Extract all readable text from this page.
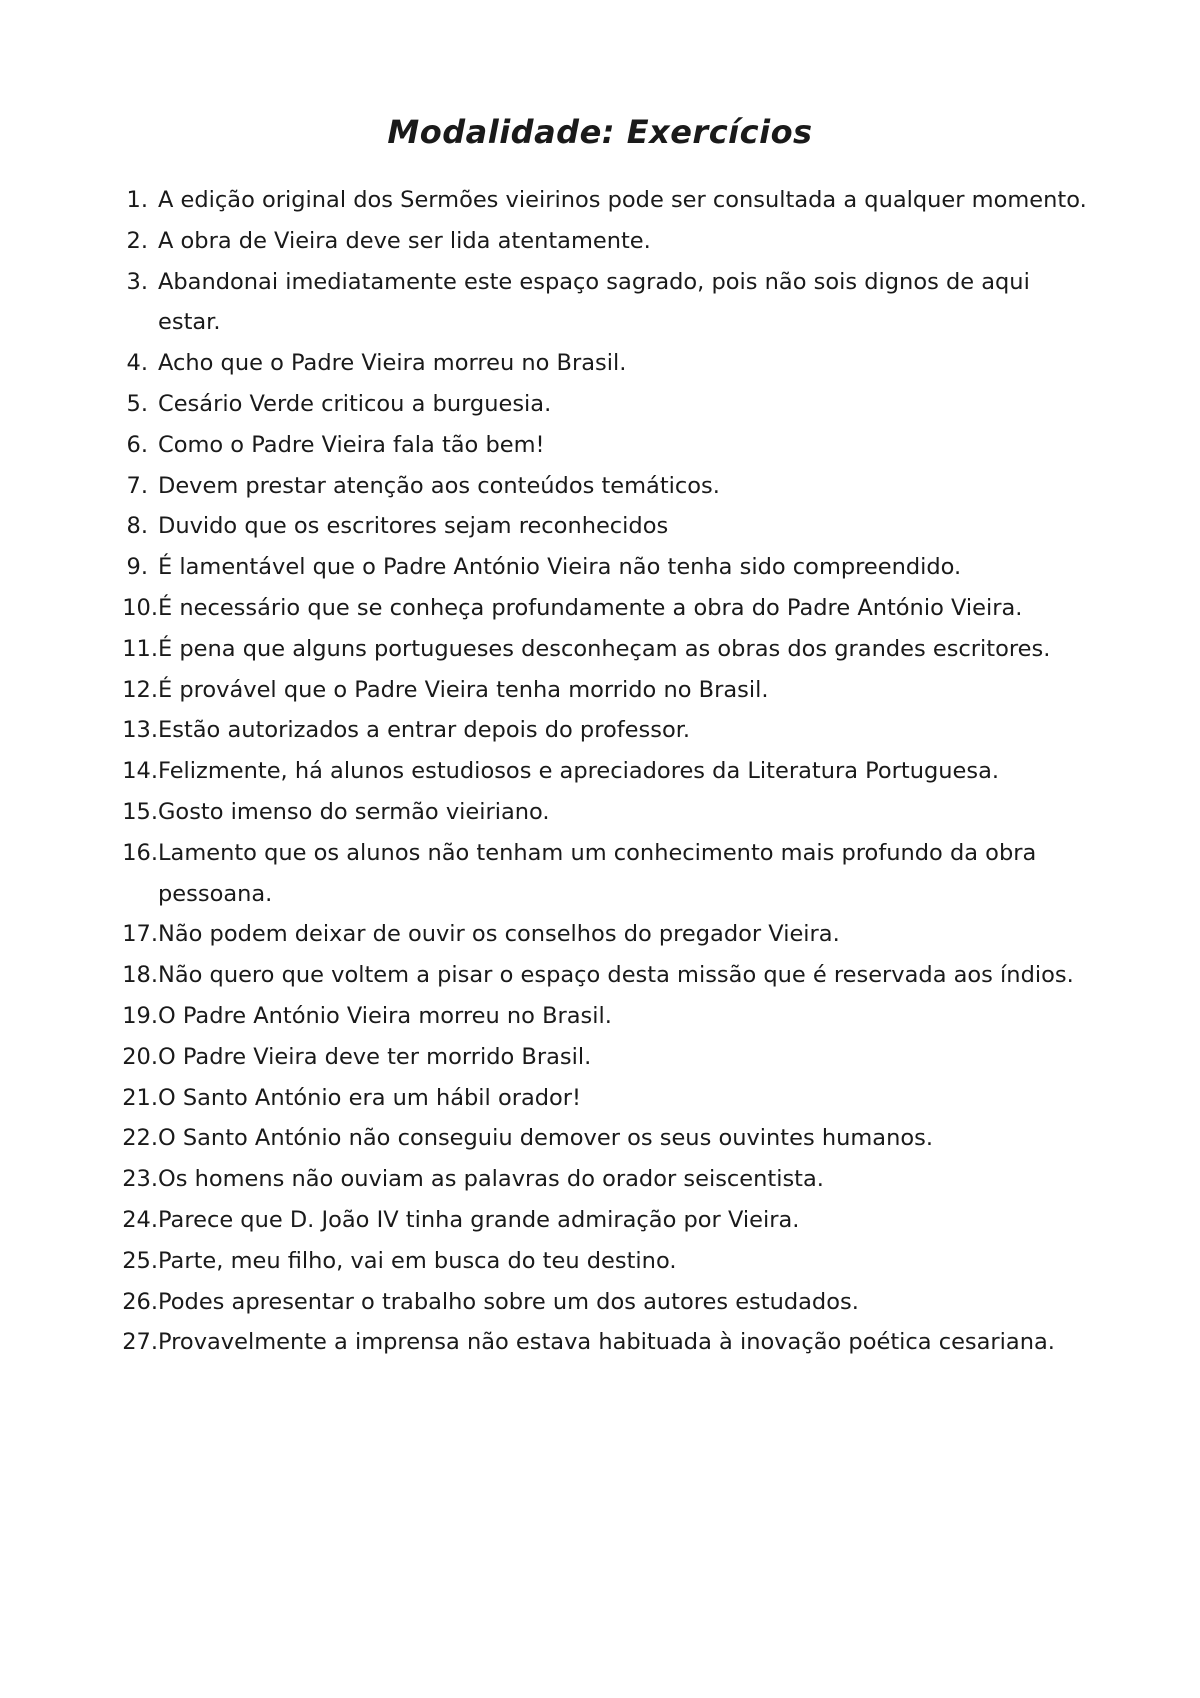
Modalidade: Exercícios
1. A edição original dos Sermões vieirinos pode ser consultada a qualquer momento.
2. A obra de Vieira deve ser lida atentamente.
3. Abandonai imediatamente este espaço sagrado, pois não sois dignos de aqui estar.
4. Acho que o Padre Vieira morreu no Brasil.
5. Cesário Verde criticou a burguesia.
6. Como o Padre Vieira fala tão bem!
7. Devem prestar atenção aos conteúdos temáticos.
8. Duvido que os escritores sejam reconhecidos
9. É lamentável que o Padre António Vieira não tenha sido compreendido.
10. É necessário que se conheça profundamente a obra do Padre António Vieira.
11. É pena que alguns portugueses desconheçam as obras dos grandes escritores.
12. É provável que o Padre Vieira tenha morrido no Brasil.
13. Estão autorizados a entrar depois do professor.
14. Felizmente, há alunos estudiosos e apreciadores da Literatura Portuguesa.
15. Gosto imenso do sermão vieiriano.
16. Lamento que os alunos não tenham um conhecimento mais profundo da obra pessoana.
17. Não podem deixar de ouvir os conselhos do pregador Vieira.
18. Não quero que voltem a pisar o espaço desta missão que é reservada aos índios.
19. O Padre António Vieira morreu no Brasil.
20. O Padre Vieira deve ter morrido Brasil.
21. O Santo António era um hábil orador!
22. O Santo António não conseguiu demover os seus ouvintes humanos.
23. Os homens não ouviam as palavras do orador seiscentista.
24. Parece que D. João IV tinha grande admiração por Vieira.
25. Parte, meu filho, vai em busca do teu destino.
26. Podes apresentar o trabalho sobre um dos autores estudados.
27. Provavelmente a imprensa não estava habituada à inovação poética cesariana.
